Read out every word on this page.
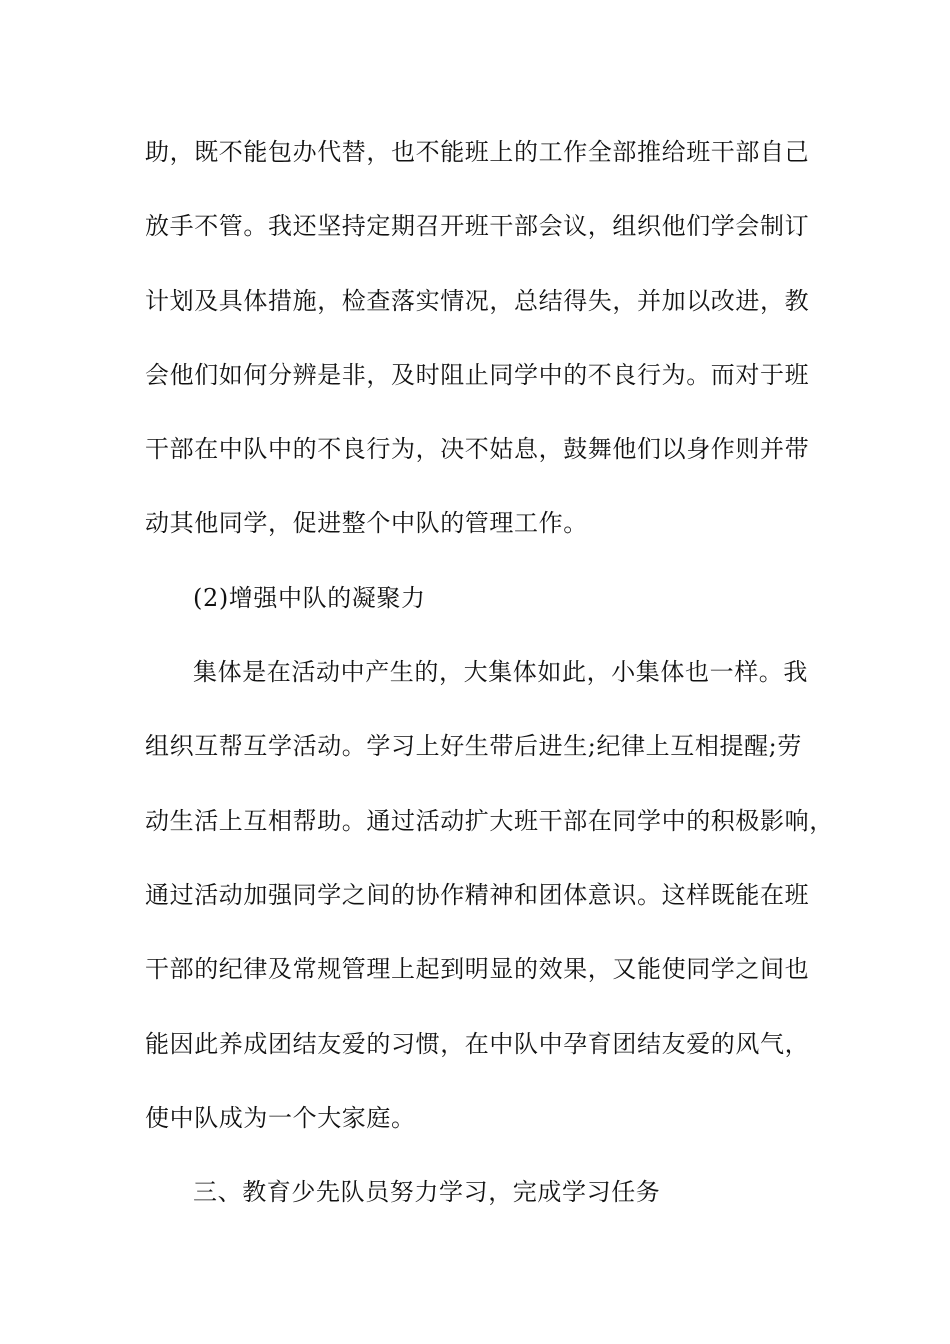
助，既不能包办代替，也不能班上的工作全部推给班干部自己
放手不管。我还坚持定期召开班干部会议，组织他们学会制订
计划及具体措施，检查落实情况，总结得失，并加以改进，教
会他们如何分辨是非，及时阻止同学中的不良行为。而对于班
干部在中队中的不良行为，决不姑息，鼓舞他们以身作则并带
动其他同学，促进整个中队的管理工作。
(2)增强中队的凝聚力
集体是在活动中产生的，大集体如此，小集体也一样。我
组织互帮互学活动。学习上好生带后进生;纪律上互相提醒;劳
动生活上互相帮助。通过活动扩大班干部在同学中的积极影响，
通过活动加强同学之间的协作精神和团体意识。这样既能在班
干部的纪律及常规管理上起到明显的效果，又能使同学之间也
能因此养成团结友爱的习惯，在中队中孕育团结友爱的风气，
使中队成为一个大家庭。
三、教育少先队员努力学习，完成学习任务
